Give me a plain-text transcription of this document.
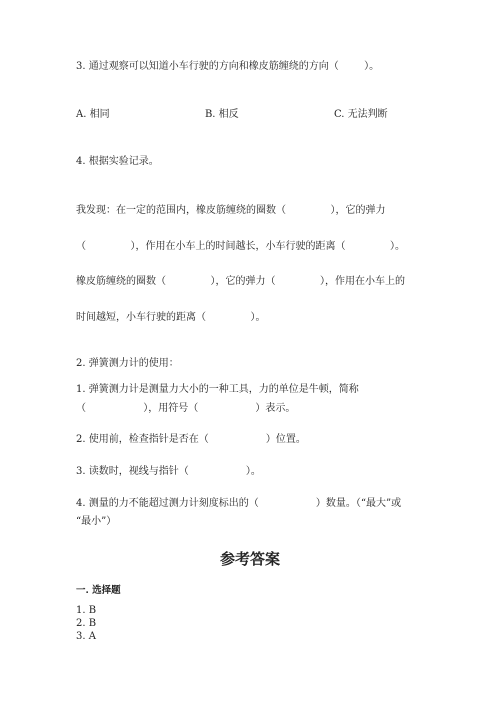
3. 通过观察可以知道小车行驶的方向和橡皮筋缠绕的方向（        ）。
A. 相同                              B. 相反                              C. 无法判断
4. 根据实验记录。
我发现：在一定的范围内，橡皮筋缠绕的圈数（              ），它的弹力
（              ），作用在小车上的时间越长，小车行驶的距离（              ）。
橡皮筋缠绕的圈数（              ），它的弹力（              ），作用在小车上的
时间越短，小车行驶的距离（              ）。
2. 弹簧测力计的使用：
1. 弹簧测力计是测量力大小的一种工具，力的单位是牛顿，简称
（                  ），用符号（                  ）表示。
2. 使用前，检查指针是否在（                  ）位置。
3. 读数时，视线与指针（                  ）。
4. 测量的力不能超过测力计刻度标出的（                  ）数量。（“最大”或
“最小”）
参考答案
一. 选择题
1. B
2. B
3. A
